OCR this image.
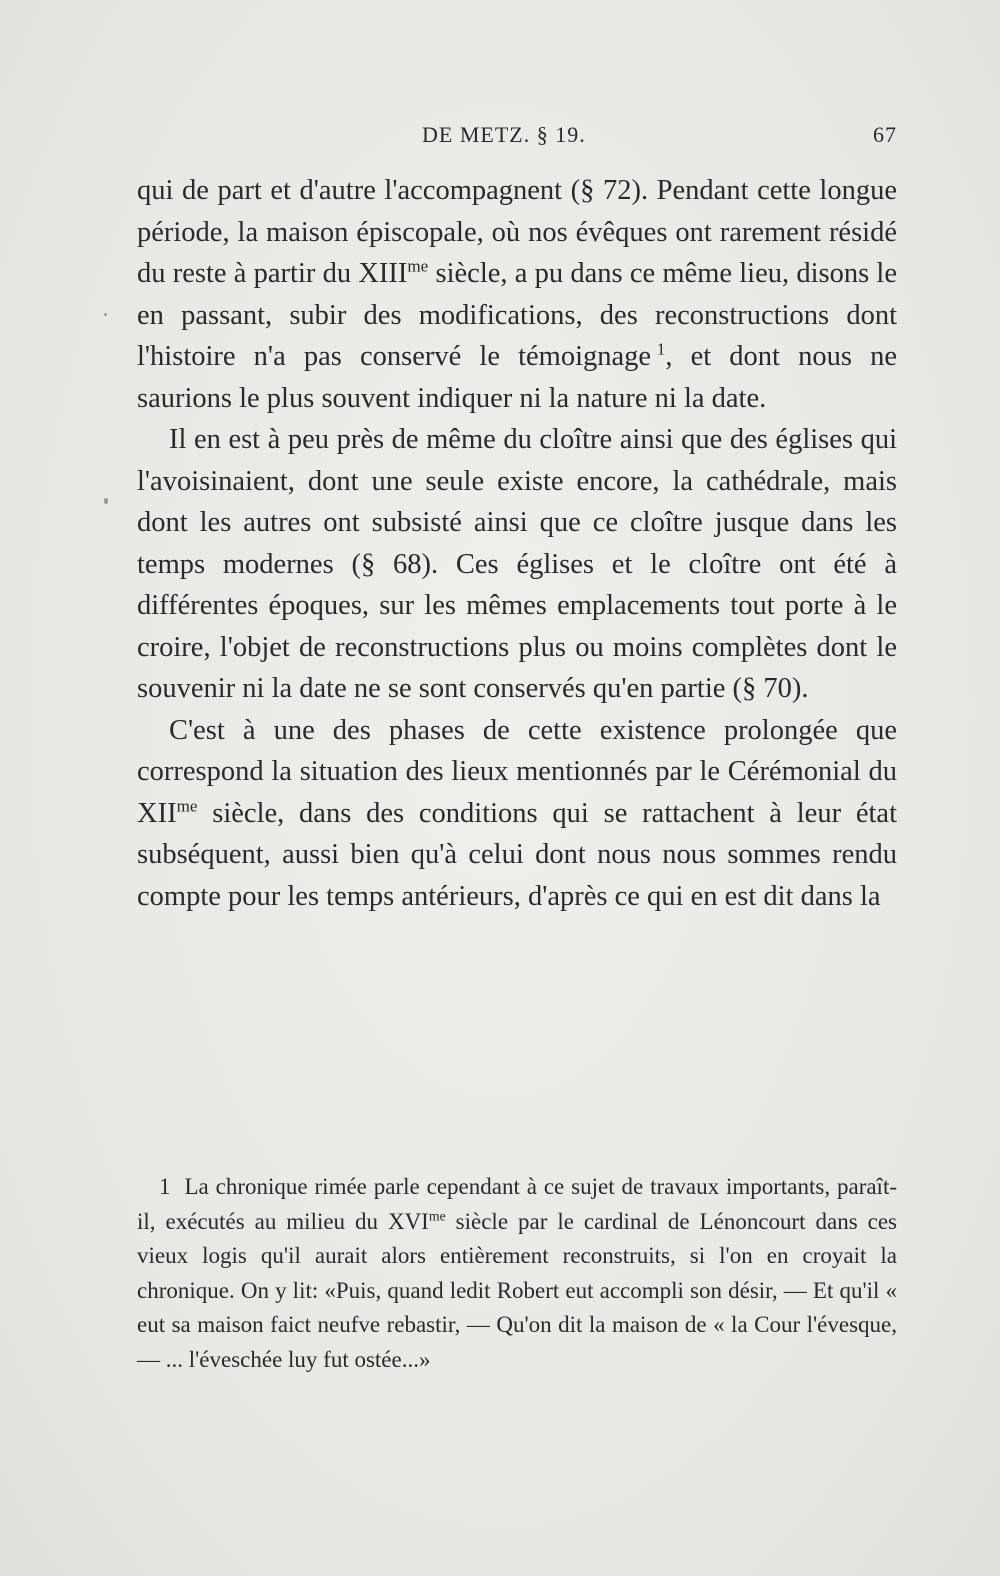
DE METZ. § 19.	67

qui de part et d'autre l'accompagnent (§ 72). Pendant cette longue période, la maison épiscopale, où nos évêques ont rarement résidé du reste à partir du $XIII^{me}$ siècle, a pu dans ce même lieu, disons le en passant, subir des modifications, des reconstructions dont l'histoire n'a pas conservé le témoignage  $^1$, et dont nous ne saurions le plus souvent indiquer ni la nature ni la date.

Il en est à peu près de même du cloître ainsi que des églises qui l'avoisinaient, dont une seule existe encore, la cathédrale, mais dont les autres ont subsisté ainsi que ce cloître jusque dans les temps modernes (§ 68). Ces églises et le cloître ont été à différentes époques, sur les mêmes emplacements tout porte à le croire, l'objet de reconstructions plus ou moins complètes dont le souvenir ni la date ne se sont conservés qu'en partie (§ 70).

C'est à une des phases de cette existence prolongée que correspond la situation des lieux mentionnés par le Cérémonial du $XII^{me}$ siècle, dans des conditions qui se rattachent à leur état subséquent, aussi bien qu'à celui dont nous nous sommes rendu compte pour les temps antérieurs, d'après ce qui en est dit dans la

1 La chronique rimée parle cependant à ce sujet de travaux importants, paraît-il, exécutés au milieu du $XVI^{me}$ siècle par le cardinal de Lénoncourt dans ces vieux logis qu'il aurait alors entièrement reconstruits, si l'on en croyait la chronique. On y lit: «Puis, quand ledit Robert eut accompli son désir, — Et qu'il « eut sa maison faict neufve rebastir, — Qu'on dit la maison de « la Cour l'évesque, — ... l'éveschée luy fut ostée...»
